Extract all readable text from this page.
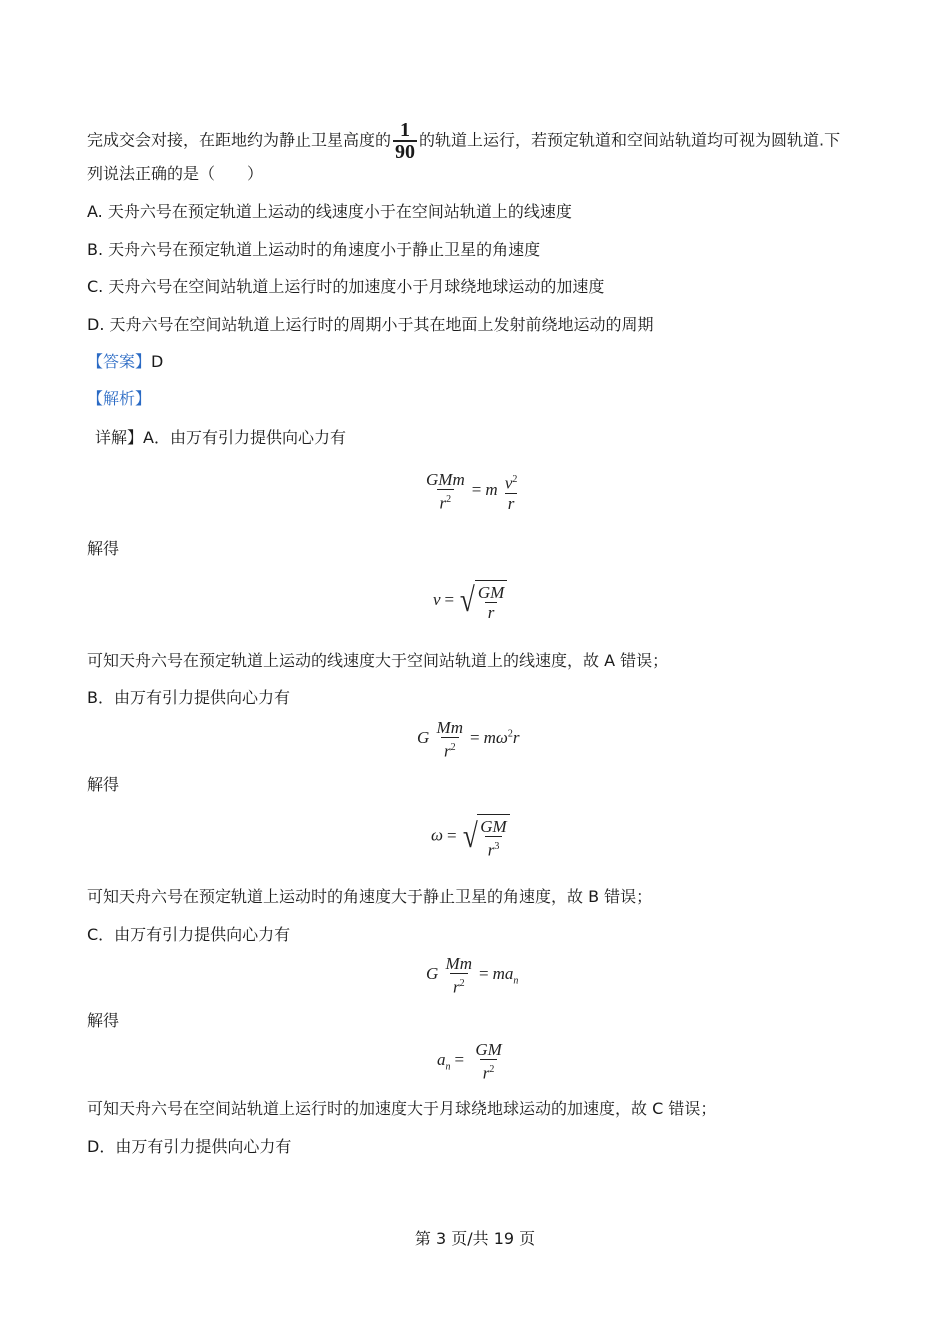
完成交会对接，在距地约为静止卫星高度的 $\frac{1}{90}$ 的轨道上运行，若预定轨道和空间站轨道均可视为圆轨道.下
列说法正确的是（　　）
A. 天舟六号在预定轨道上运动的线速度小于在空间站轨道上的线速度
B. 天舟六号在预定轨道上运动时的角速度小于静止卫星的角速度
C. 天舟六号在空间站轨道上运行时的加速度小于月球绕地球运动的加速度
D. 天舟六号在空间站轨道上运行时的周期小于其在地面上发射前绕地运动的周期
【答案】D
【解析】
详解】A．由万有引力提供向心力有
$\frac{\text{GMm}}{r^2} = m \frac{v^2}{r}$
解得
v = √ $\frac{GM}{r}$
可知天舟六号在预定轨道上运动的线速度大于空间站轨道上的线速度，故 A 错误；
B．由万有引力提供向心力有
G $\frac{Mm}{r^2} = m\omega^2r$
解得
ω = √ $\frac{GM}{r^3}$
可知天舟六号在预定轨道上运动时的角速度大于静止卫星的角速度，故 B 错误；
C．由万有引力提供向心力有
G $\frac{Mm}{r^2} = ma_n$
解得
$a_n = \frac{GM}{r^2}$
可知天舟六号在空间站轨道上运行时的加速度大于月球绕地球运动的加速度，故 C 错误；
D．由万有引力提供向心力有
第 3 页/共 19 页
